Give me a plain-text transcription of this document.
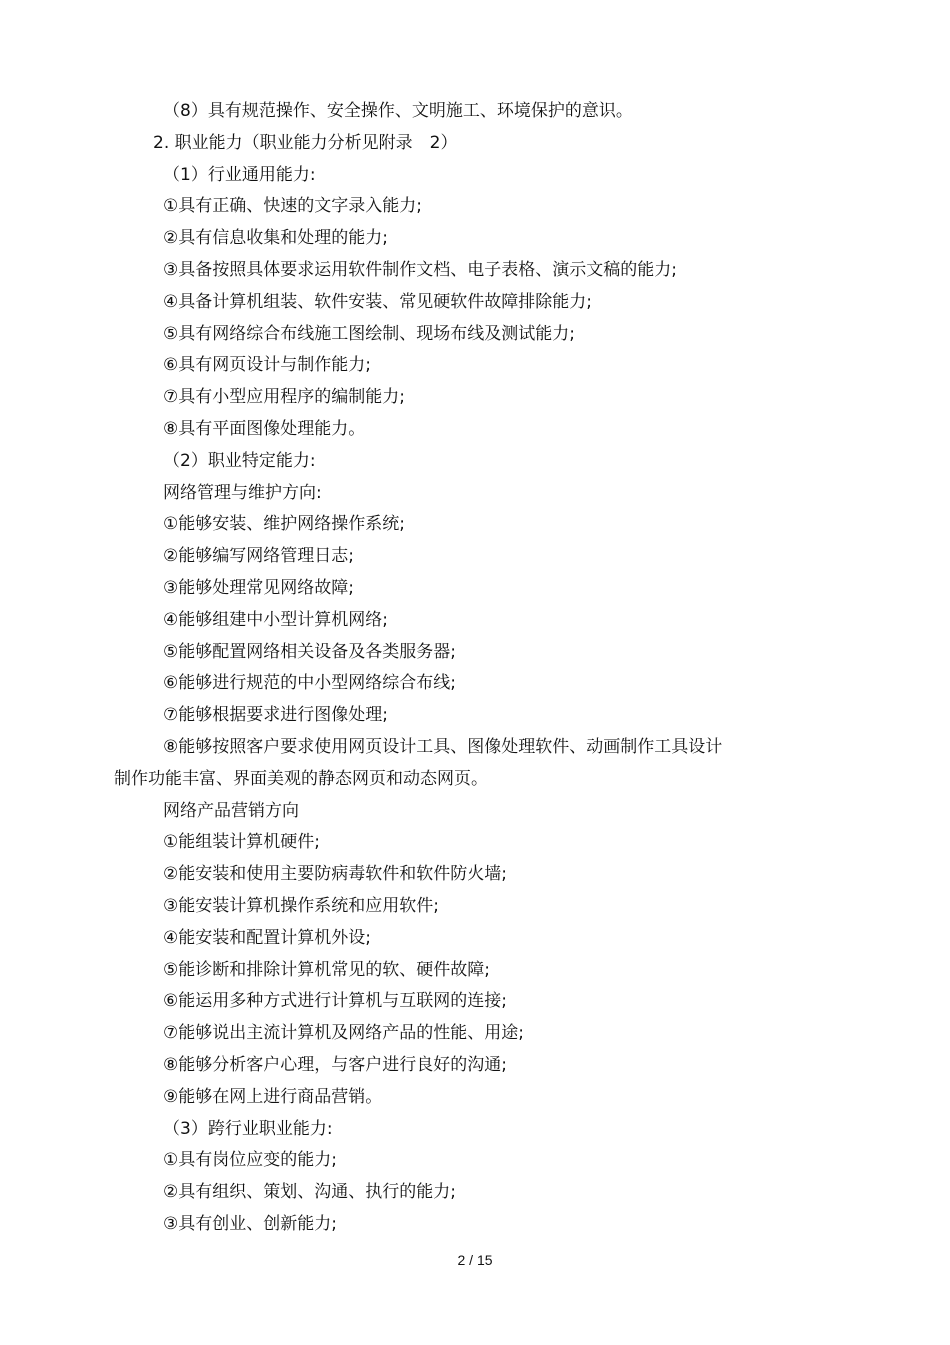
（8）具有规范操作、安全操作、文明施工、环境保护的意识。
2. 职业能力（职业能力分析见附录　2）
（1）行业通用能力:
①具有正确、快速的文字录入能力;
②具有信息收集和处理的能力;
③具备按照具体要求运用软件制作文档、电子表格、演示文稿的能力;
④具备计算机组装、软件安装、常见硬软件故障排除能力;
⑤具有网络综合布线施工图绘制、现场布线及测试能力;
⑥具有网页设计与制作能力;
⑦具有小型应用程序的编制能力;
⑧具有平面图像处理能力。
（2）职业特定能力:
网络管理与维护方向:
①能够安装、维护网络操作系统;
②能够编写网络管理日志;
③能够处理常见网络故障;
④能够组建中小型计算机网络;
⑤能够配置网络相关设备及各类服务器;
⑥能够进行规范的中小型网络综合布线;
⑦能够根据要求进行图像处理;
⑧能够按照客户要求使用网页设计工具、图像处理软件、动画制作工具设计
制作功能丰富、界面美观的静态网页和动态网页。
网络产品营销方向
①能组装计算机硬件;
②能安装和使用主要防病毒软件和软件防火墙;
③能安装计算机操作系统和应用软件;
④能安装和配置计算机外设;
⑤能诊断和排除计算机常见的软、硬件故障;
⑥能运用多种方式进行计算机与互联网的连接;
⑦能够说出主流计算机及网络产品的性能、用途;
⑧能够分析客户心理，与客户进行良好的沟通;
⑨能够在网上进行商品营销。
（3）跨行业职业能力:
①具有岗位应变的能力;
②具有组织、策划、沟通、执行的能力;
③具有创业、创新能力;
2 / 15
